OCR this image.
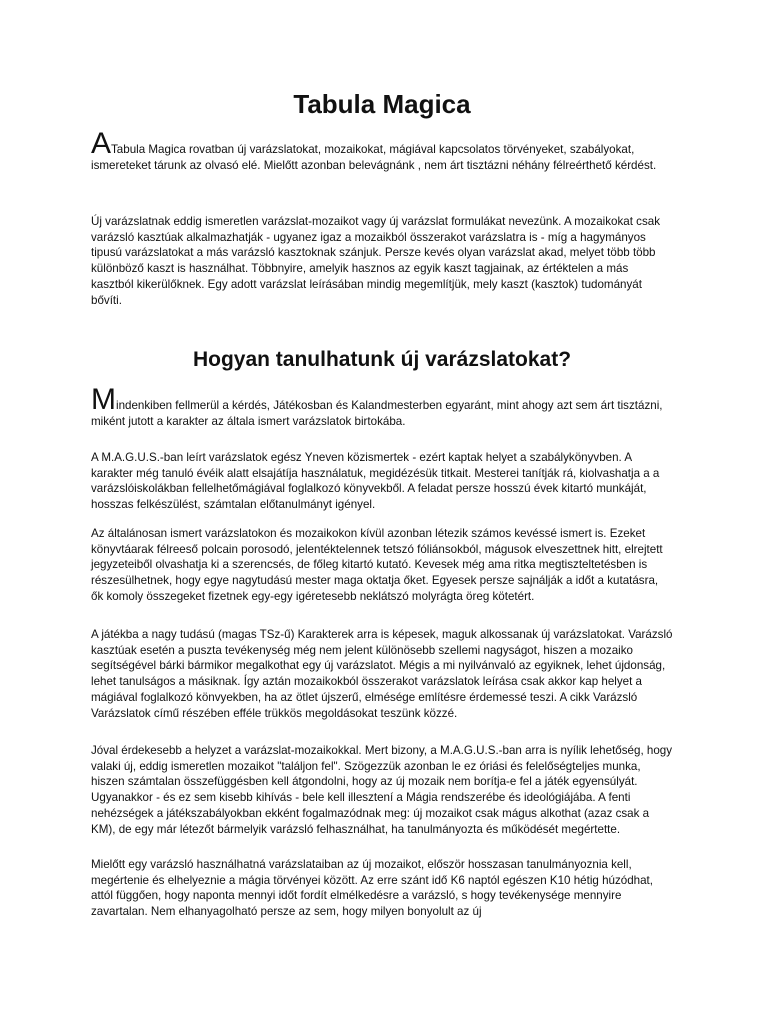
Tabula Magica

ATabula Magica rovatban új varázslatokat, mozaikokat, mágiával kapcsolatos törvényeket, szabályokat, ismereteket tárunk az olvasó elé. Mielőtt azonban belevágnánk , nem árt tisztázni néhány félreérthető kérdést.

Új varázslatnak eddig ismeretlen varázslat-mozaikot vagy új varázslat formulákat nevezünk. A mozaikokat csak varázsló kasztúak alkalmazhatják - ugyanez igaz a mozaikból összerakot varázslatra is - míg a hagymányos tipusú varázslatokat a más varázsló kasztoknak szánjuk. Persze kevés olyan varázslat akad, melyet több több különböző kaszt is használhat. Többnyire, amelyik hasznos az egyik kaszt tagjainak, az értéktelen a más kasztból kikerülőknek. Egy adott varázslat leírásában mindig megemlítjük, mely kaszt (kasztok) tudományát bővíti.

Hogyan tanulhatunk új varázslatokat?

Mindenkiben fellmerül a kérdés, Játékosban és Kalandmesterben egyaránt, mint ahogy azt sem árt tisztázni, miként jutott a karakter az általa ismert varázslatok birtokába.

A M.A.G.U.S.-ban leírt varázslatok egész Yneven közismertek - ezért kaptak helyet a szabálykönyvben. A karakter még tanuló évéik alatt elsajátíja használatuk, megidézésük titkait. Mesterei tanítják rá, kiolvashatja a a varázslóiskolákban fellelhetőmágiával foglalkozó könyvekből. A feladat persze hosszú évek kitartó munkáját, hosszas felkészülést, számtalan előtanulmányt igényel.

Az általánosan ismert varázslatokon és mozaikokon kívül azonban létezik számos kevéssé ismert is. Ezeket könyvtáarak félreeső polcain porosodó, jelentéktelennek tetszó fóliánsokból, mágusok elveszettnek hitt, elrejtett jegyzeteiből olvashatja ki a szerencsés, de főleg kitartó kutató. Kevesek még ama ritka megtiszteltetésben is részesülhetnek, hogy egye nagytudású mester maga oktatja őket. Egyesek persze sajnálják a időt a kutatásra, ők komoly összegeket fizetnek egy-egy igéretesebb neklátszó molyrágta öreg kötetért.

A játékba a nagy tudású (magas TSz-ű) Karakterek arra is képesek, maguk alkossanak új varázslatokat. Varázsló kasztúak esetén a puszta tevékenység még nem jelent különösebb szellemi nagyságot, hiszen a mozaiko segítségével bárki bármikor megalkothat egy új varázslatot. Mégis a mi nyilvánvaló az egyiknek, lehet újdonság, lehet tanulságos a másiknak. Így aztán mozaikokból összerakot varázslatok leírása csak akkor kap helyet a mágiával foglalkozó könvyekben, ha az ötlet újszerű, elmésége említésre érdemessé teszi. A cikk Varázsló Varázslatok című részében efféle trükkös megoldásokat teszünk közzé.

Jóval érdekesebb a helyzet a varázslat-mozaikokkal. Mert bizony, a M.A.G.U.S.-ban arra is nyílik lehetőség, hogy valaki új, eddig ismeretlen mozaikot "találjon fel". Szögezzük azonban le ez óriási és felelőségteljes munka, hiszen számtalan összefüggésben kell átgondolni, hogy az új mozaik nem borítja-e fel a játék egyensúlyát. Ugyanakkor - és ez sem kisebb kihívás - bele kell illesztení a Mágia rendszerébe és ideológiájába. A fenti nehézségek a játékszabályokban ekként fogalmazódnak meg: új mozaikot csak mágus alkothat (azaz csak a KM), de egy már létezőt bármelyik varázsló felhasználhat, ha tanulmányozta és működését megértette.

Mielőtt egy varázsló használhatná varázslataiban az új mozaikot, először hosszasan tanulmányoznia kell, megértenie és elhelyeznie a mágia törvényei között. Az erre szánt idő K6 naptól egészen K10 hétig húzódhat, attól függően, hogy naponta mennyi időt fordít elmélkedésre a varázsló, s hogy tevékenysége mennyire zavartalan. Nem elhanyagolható persze az sem, hogy milyen bonyolult az új
